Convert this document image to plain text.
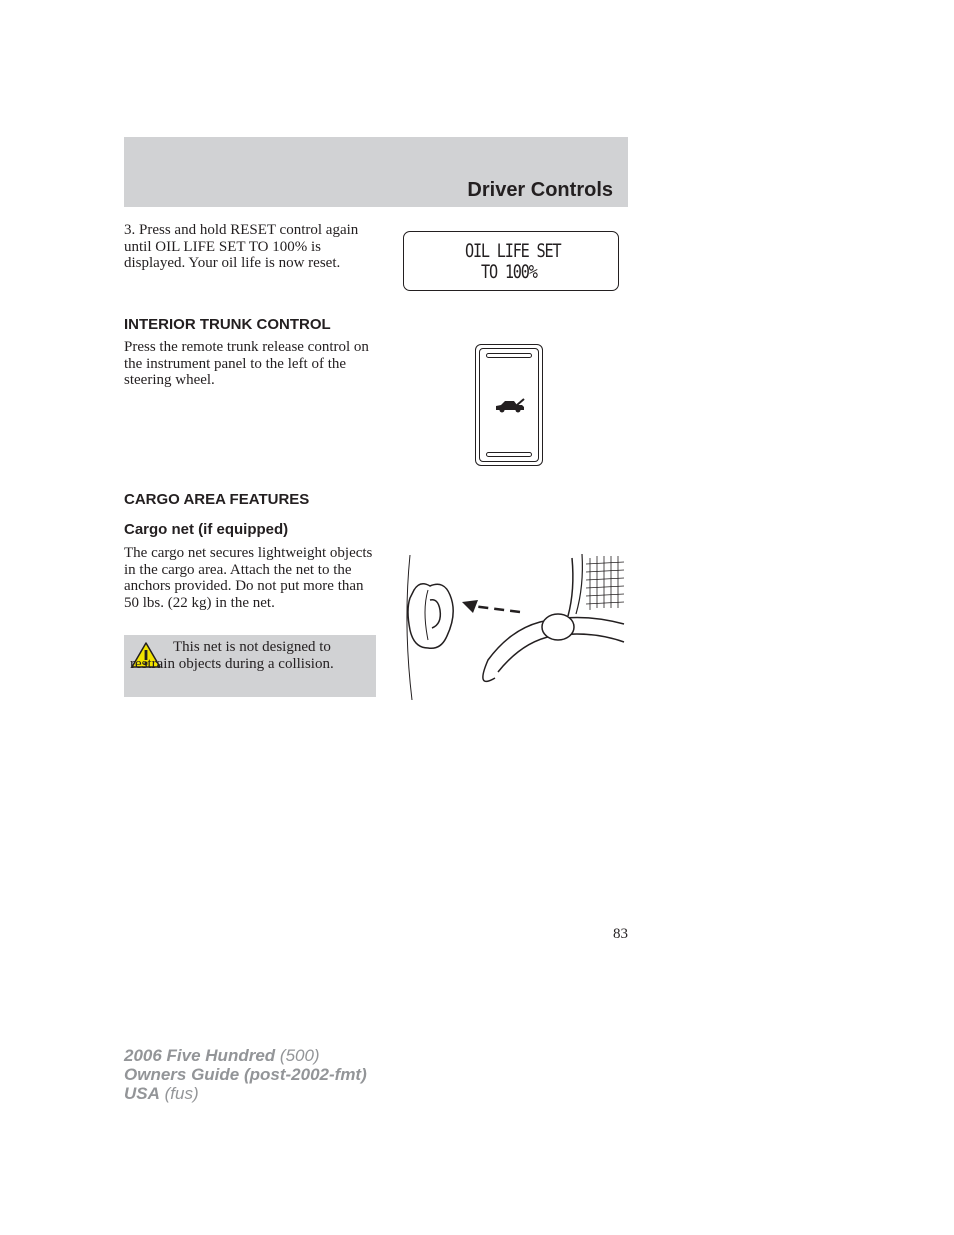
Driver Controls

3. Press and hold RESET control again until OIL LIFE SET TO 100% is displayed. Your oil life is now reset.

OIL LIFE SET
TO 100%
INTERIOR TRUNK CONTROL

Press the remote trunk release control on the instrument panel to the left of the steering wheel.

CARGO AREA FEATURES
Cargo net (if equipped)

The cargo net secures lightweight objects in the cargo area. Attach the net to the anchors provided. Do not put more than 50 lbs. (22 kg) in the net.

This net is not designed to restrain objects during a collision.

83
2006 Five Hundred (500)
Owners Guide (post-2002-fmt)
USA (fus)
